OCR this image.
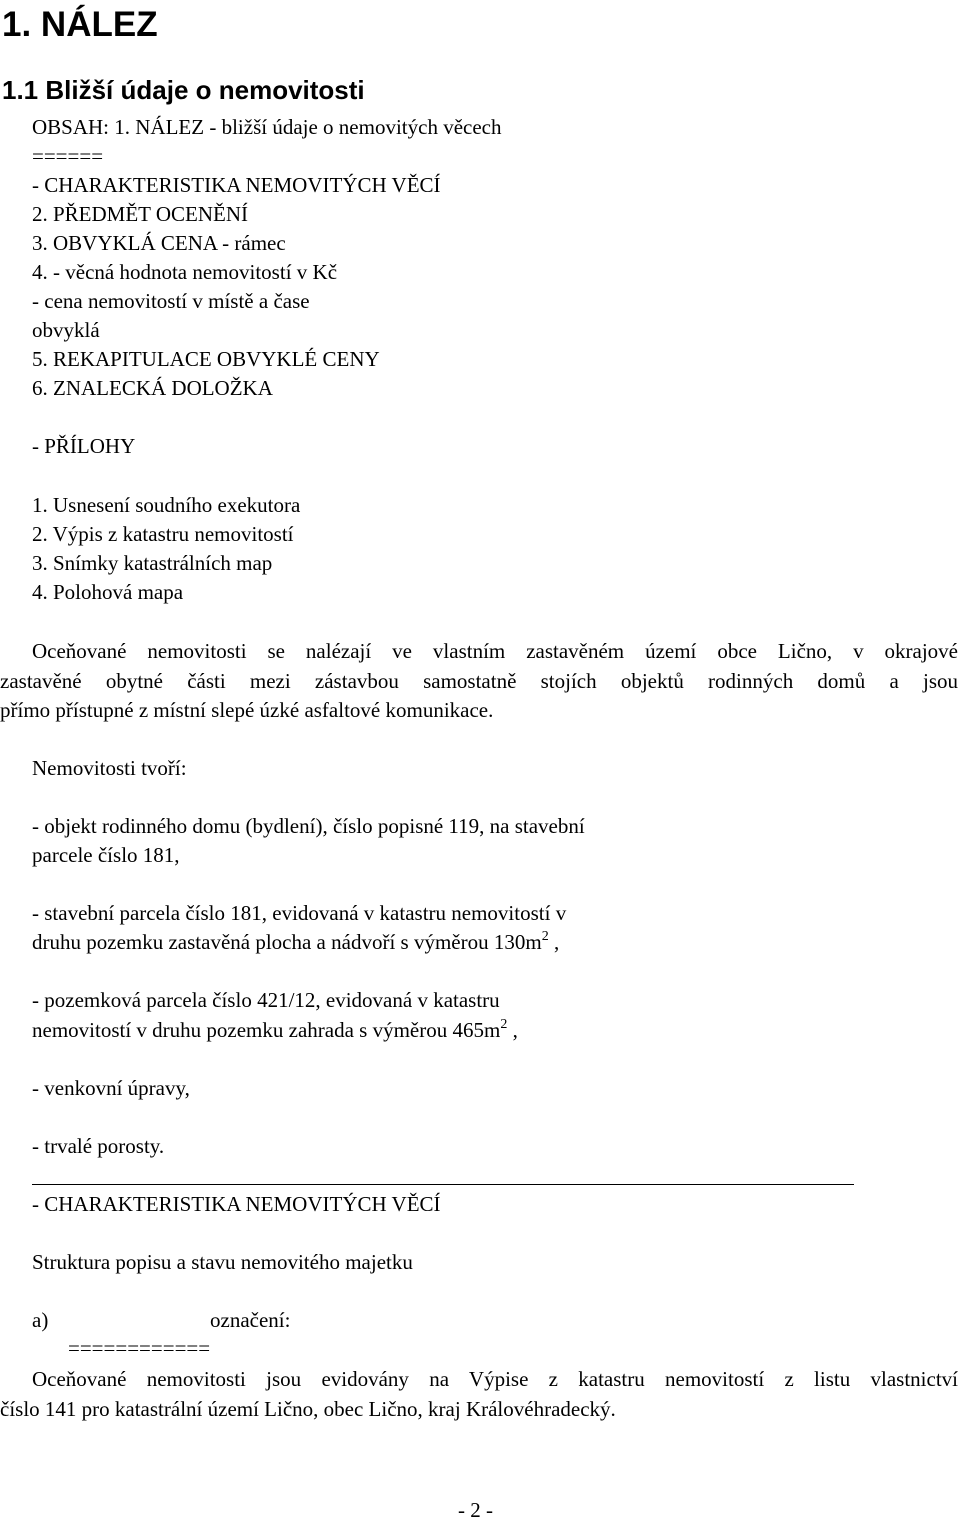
1. NÁLEZ
1.1 Bližší údaje o nemovitosti
OBSAH: 1. NÁLEZ - bližší údaje o nemovitých věcech
======
- CHARAKTERISTIKA NEMOVITÝCH VĚCÍ
2. PŘEDMĚT OCENĚNÍ
3. OBVYKLÁ CENA - rámec
4. - věcná hodnota nemovitostí v Kč
- cena nemovitostí v místě a čase
obvyklá
5. REKAPITULACE OBVYKLÉ CENY
6. ZNALECKÁ DOLOŽKA
- PŘÍLOHY
1. Usnesení soudního exekutora
2. Výpis z katastru nemovitostí
3. Snímky katastrálních map
4. Polohová mapa
Oceňované nemovitosti se nalézají ve vlastním zastavěném území obce Lično, v okrajové
zastavěné obytné části mezi zástavbou samostatně stojích objektů rodinných domů a jsou
přímo přístupné z místní slepé úzké asfaltové komunikace.
Nemovitosti tvoří:
- objekt rodinného domu (bydlení), číslo popisné 119, na stavební
parcele číslo 181,
- stavební parcela číslo 181, evidovaná v katastru nemovitostí v
druhu pozemku zastavěná plocha a nádvoří s výměrou $130m^2$ ,
- pozemková parcela číslo 421/12, evidovaná v katastru
nemovitostí v druhu pozemku zahrada s výměrou $465m^2$ ,
- venkovní úpravy,
- trvalé porosty.
- CHARAKTERISTIKA NEMOVITÝCH VĚCÍ
Struktura popisu a stavu nemovitého majetku
a)	označení:
============
Oceňované nemovitosti jsou evidovány na Výpise z katastru nemovitostí z listu vlastnictví
číslo 141 pro katastrální území Lično, obec Lično, kraj Královéhradecký.
- 2 -
